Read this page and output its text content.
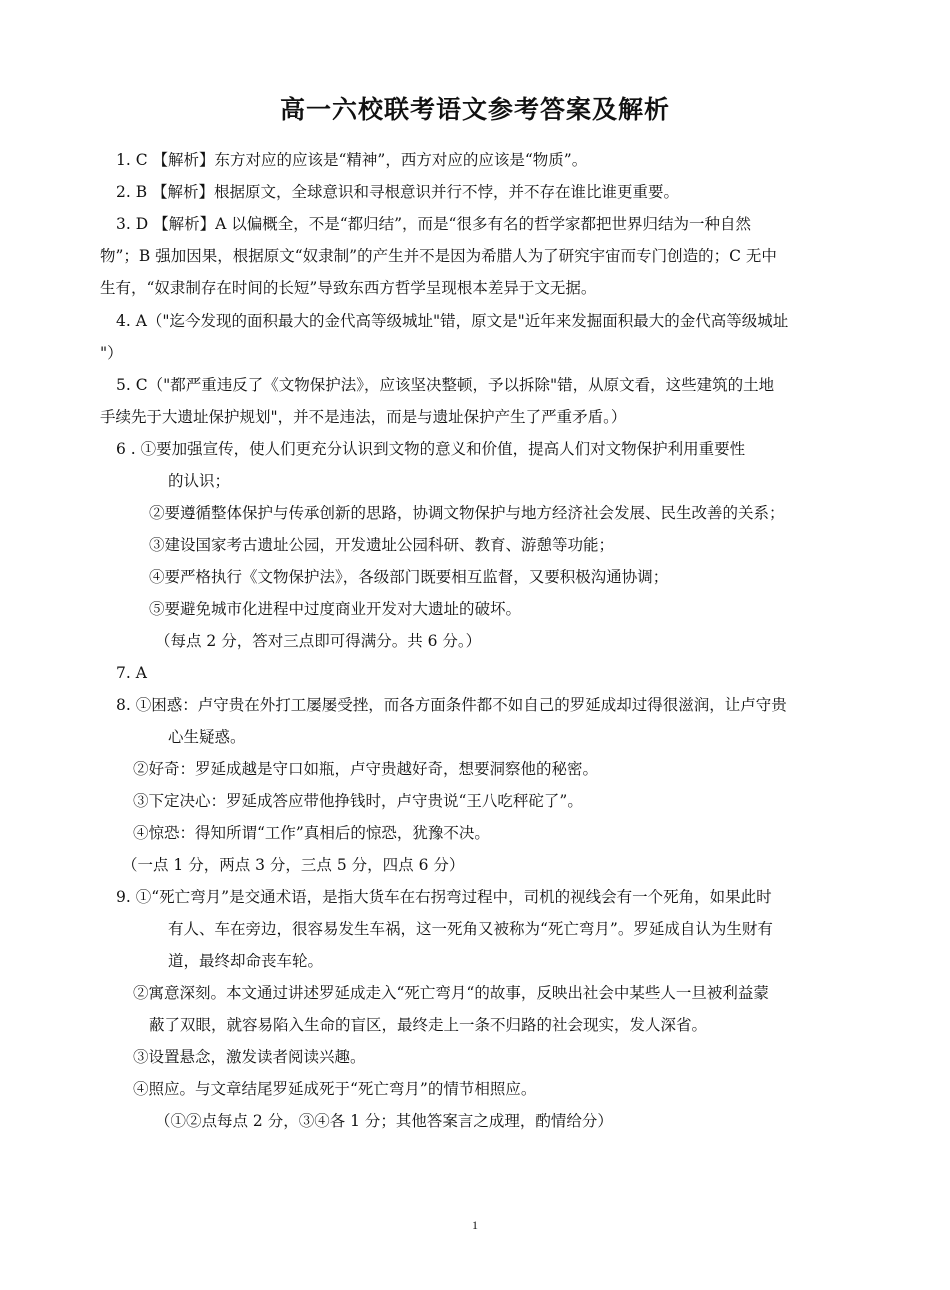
高一六校联考语文参考答案及解析
1. C 【解析】东方对应的应该是“精神”，西方对应的应该是“物质”。
2. B 【解析】根据原文，全球意识和寻根意识并行不悖，并不存在谁比谁更重要。
3. D 【解析】A 以偏概全，不是“都归结”，而是“很多有名的哲学家都把世界归结为一种自然
物”；B 强加因果，根据原文“奴隶制”的产生并不是因为希腊人为了研究宇宙而专门创造的；C 无中
生有，“奴隶制存在时间的长短”导致东西方哲学呈现根本差异于文无据。
4. A（"迄今发现的面积最大的金代高等级城址"错，原文是"近年来发掘面积最大的金代高等级城址
"）
5. C（"都严重违反了《文物保护法》，应该坚决整顿，予以拆除"错，从原文看，这些建筑的土地
手续先于大遗址保护规划"，并不是违法，而是与遗址保护产生了严重矛盾。）
6 . ①要加强宣传，使人们更充分认识到文物的意义和价值，提高人们对文物保护利用重要性
的认识；
②要遵循整体保护与传承创新的思路，协调文物保护与地方经济社会发展、民生改善的关系；
③建设国家考古遗址公园，开发遗址公园科研、教育、游憩等功能；
④要严格执行《文物保护法》，各级部门既要相互监督，又要积极沟通协调；
⑤要避免城市化进程中过度商业开发对大遗址的破坏。
（每点 2 分，答对三点即可得满分。共 6 分。）
7. A
8. ①困惑：卢守贵在外打工屡屡受挫，而各方面条件都不如自己的罗延成却过得很滋润，让卢守贵
心生疑惑。
②好奇：罗延成越是守口如瓶，卢守贵越好奇，想要洞察他的秘密。
③下定决心：罗延成答应带他挣钱时，卢守贵说“王八吃秤砣了”。
④惊恐：得知所谓“工作”真相后的惊恐，犹豫不决。
（一点 1 分，两点 3 分，三点 5 分，四点 6 分）
9. ①“死亡弯月”是交通术语，是指大货车在右拐弯过程中，司机的视线会有一个死角，如果此时
有人、车在旁边，很容易发生车祸，这一死角又被称为“死亡弯月”。罗延成自认为生财有
道，最终却命丧车轮。
②寓意深刻。本文通过讲述罗延成走入“死亡弯月“的故事，反映出社会中某些人一旦被利益蒙
蔽了双眼，就容易陷入生命的盲区，最终走上一条不归路的社会现实，发人深省。
③设置悬念，激发读者阅读兴趣。
④照应。与文章结尾罗延成死于“死亡弯月”的情节相照应。
（①②点每点 2 分，③④各 1 分；其他答案言之成理，酌情给分）
1
